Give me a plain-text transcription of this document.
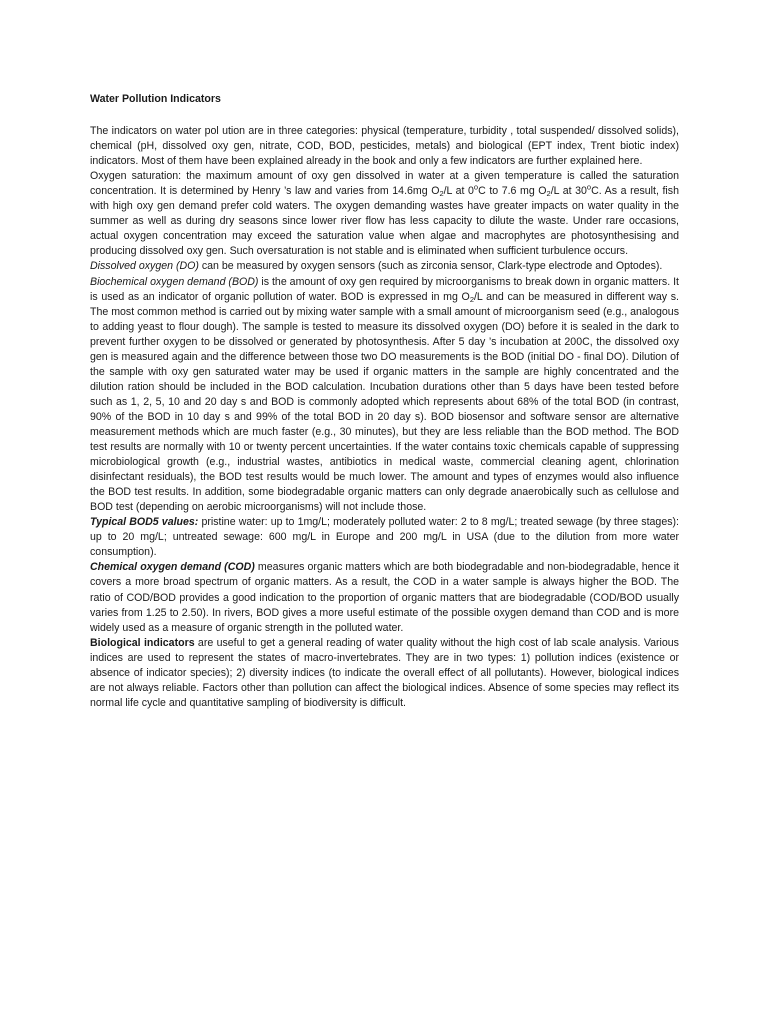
Water Pollution Indicators

The indicators on water pol ution are in three categories: physical (temperature, turbidity , total suspended/ dissolved solids), chemical (pH, dissolved oxy gen, nitrate, COD, BOD, pesticides, metals) and biological (EPT index, Trent biotic index) indicators. Most of them have been explained already in the book and only a few indicators are further explained here.

Oxygen saturation: the maximum amount of oxy gen dissolved in water at a given temperature is called the saturation concentration. It is determined by Henry ’s law and varies from 14.6mg $O_2/L$ at 0$^o$C to 7.6 mg $O_2/L$ at 30$^o$C. As a result, fish with high oxy gen demand prefer cold waters. The oxygen demanding wastes have greater impacts on water quality in the summer as well as during dry seasons since lower river flow has less capacity to dilute the waste. Under rare occasions, actual oxygen concentration may exceed the saturation value when algae and macrophytes are photosynthesising and producing dissolved oxy gen. Such oversaturation is not stable and is eliminated when sufficient turbulence occurs.

Dissolved oxygen (DO) can be measured by oxygen sensors (such as zirconia sensor, Clark-type electrode and Optodes).

Biochemical oxygen demand (BOD) is the amount of oxy gen required by microorganisms to break down in organic matters. It is used as an indicator of organic pollution of water. BOD is expressed in mg $O_2/L$ and can be measured in different way s. The most common method is carried out by mixing water sample with a small amount of microorganism seed (e.g., analogous to adding yeast to flour dough). The sample is tested to measure its dissolved oxygen (DO) before it is sealed in the dark to prevent further oxygen to be dissolved or generated by photosynthesis. After 5 day ’s incubation at 200C, the dissolved oxy gen is measured again and the difference between those two DO measurements is the BOD (initial DO - final DO). Dilution of the sample with oxy gen saturated water may be used if organic matters in the sample are highly concentrated and the dilution ration should be included in the BOD calculation. Incubation durations other than 5 days have been tested before such as 1, 2, 5, 10 and 20 day s and BOD is commonly adopted which represents about 68% of the total BOD (in contrast, 90% of the BOD in 10 day s and 99% of the total BOD in 20 day s). BOD biosensor and software sensor are alternative measurement methods which are much faster (e.g., 30 minutes), but they are less reliable than the BOD method. The BOD test results are normally with 10 or twenty percent uncertainties. If the water contains toxic chemicals capable of suppressing microbiological growth (e.g., industrial wastes, antibiotics in medical waste, commercial cleaning agent, chlorination disinfectant residuals), the BOD test results would be much lower. The amount and types of enzymes would also influence the BOD test results. In addition, some biodegradable organic matters can only degrade anaerobically such as cellulose and BOD test (depending on aerobic microorganisms) will not include those.

Typical BOD5 values: pristine water: up to 1mg/L; moderately polluted water: 2 to 8 mg/L; treated sewage (by three stages): up to 20 mg/L; untreated sewage: 600 mg/L in Europe and 200 mg/L in USA (due to the dilution from more water consumption).

Chemical oxygen demand (COD) measures organic matters which are both biodegradable and non-biodegradable, hence it covers a more broad spectrum of organic matters. As a result, the COD in a water sample is always higher the BOD. The ratio of COD/BOD provides a good indication to the proportion of organic matters that are biodegradable (COD/BOD usually varies from 1.25 to 2.50). In rivers, BOD gives a more useful estimate of the possible oxygen demand than COD and is more widely used as a measure of organic strength in the polluted water.

Biological indicators are useful to get a general reading of water quality without the high cost of lab scale analysis. Various indices are used to represent the states of macro-invertebrates. They are in two types: 1) pollution indices (existence or absence of indicator species); 2) diversity indices (to indicate the overall effect of all pollutants). However, biological indices are not always reliable. Factors other than pollution can affect the biological indices. Absence of some species may reflect its normal life cycle and quantitative sampling of biodiversity is difficult.
